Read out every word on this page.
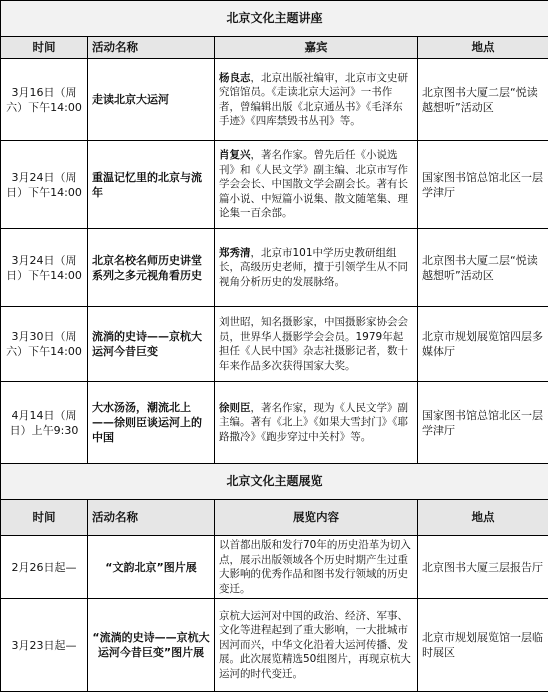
北京文化主题讲座			
时间	活动名称	嘉宾	地点
3月16日（周六）下午14:00	走读北京大运河	杨良志，北京出版社编审，北京市文史研究馆馆员。《走读北京大运河》一书作者，曾编辑出版《北京通丛书》《毛泽东手迹》《四库禁毁书丛刊》等。	北京图书大厦二层“悦读越想听”活动区
3月24日（周日）下午14:00	重温记忆里的北京与流年	肖复兴，著名作家。曾先后任《小说选刊》和《人民文学》副主编、北京市写作学会会长、中国散文学会副会长。著有长篇小说、中短篇小说集、散文随笔集、理论集一百余部。	国家图书馆总馆北区一层学津厅
3月24日（周日）下午14:00	北京名校名师历史讲堂系列之多元视角看历史	郑秀清，北京市101中学历史教研组组长，高级历史老师，擅于引领学生从不同视角分析历史的发展脉络。	北京图书大厦二层“悦读越想听”活动区
3月30日（周六）下午14:00	流淌的史诗——京杭大运河今昔巨变	刘世昭，知名摄影家，中国摄影家协会会员，世界华人摄影学会会员。1979年起担任《人民中国》杂志社摄影记者，数十年来作品多次获得国家大奖。	北京市规划展览馆四层多媒体厅
4月14日（周日）上午9:30	大水汤汤，潮流北上——徐则臣谈运河上的中国	徐则臣，著名作家，现为《人民文学》副主编。著有《北上》《如果大雪封门》《耶路撒冷》《跑步穿过中关村》等。	国家图书馆总馆北区一层学津厅
北京文化主题展览			
时间	活动名称	展览内容	地点
2月26日起—	“文韵北京”图片展	以首都出版和发行70年的历史沿革为切入点，展示出版领域各个历史时期产生过重大影响的优秀作品和图书发行领域的历史变迁。	北京图书大厦三层报告厅
3月23日起—	“流淌的史诗——京杭大运河今昔巨变”图片展	京杭大运河对中国的政治、经济、军事、文化等进程起到了重大影响，一大批城市因河而兴，中华文化沿着大运河传播、发展。此次展览精选50组图片，再现京杭大运河的时代变迁。	北京市规划展览馆一层临时展区
